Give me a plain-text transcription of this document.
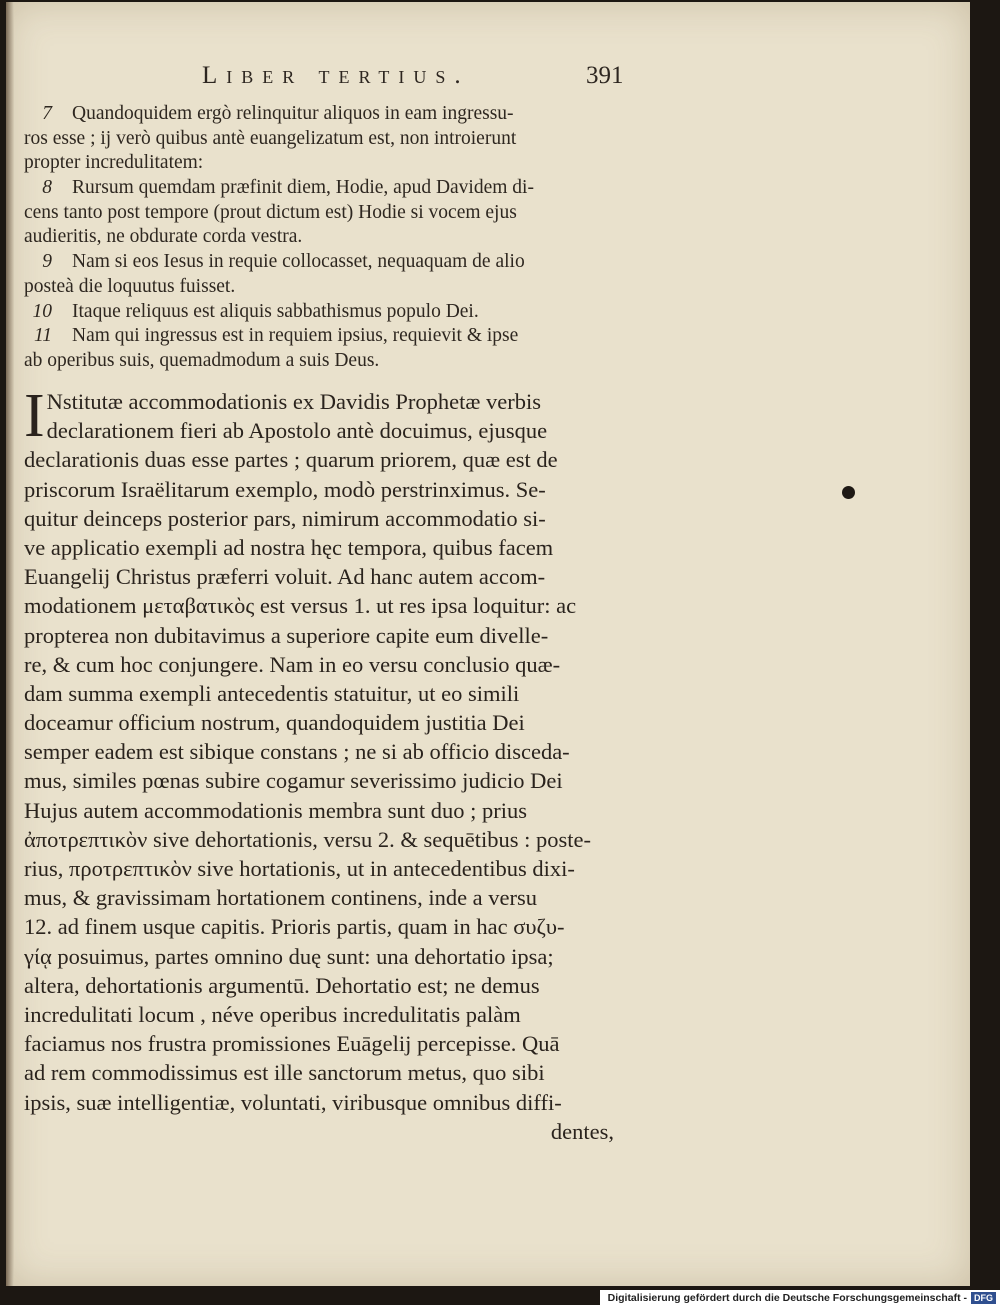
Liber tertius.	391
7 Quandoquidem ergò relinquitur aliquos in eam ingressu-
ros esse ; ij verò quibus antè euangelizatum est, non introierunt
propter incredulitatem:
8 Rursum quemdam præfinit diem, Hodie, apud Davidem di-
cens tanto post tempore (prout dictum est) Hodie si vocem ejus
audieritis, ne obdurate corda vestra.
9 Nam si eos Iesus in requie collocasset, nequaquam de alio
posteà die loquutus fuisset.
10 Itaque reliquus est aliquis sabbathismus populo Dei.
11 Nam qui ingressus est in requiem ipsius, requievit & ipse
ab operibus suis, quemadmodum a suis Deus.
I Nstitutæ accommodationis ex Davidis Prophetæ verbis
declarationem fieri ab Apostolo antè docuimus, ejusque
declarationis duas esse partes ; quarum priorem, quæ est de
priscorum Israëlitarum exemplo, modò perstrinximus. Se-
quitur deinceps posterior pars, nimirum accommodatio si-
ve applicatio exempli ad nostra hęc tempora, quibus facem
Euangelij Christus præferri voluit. Ad hanc autem accom-
modationem μεταβατικὸς est versus 1. ut res ipsa loquitur: ac
propterea non dubitavimus a superiore capite eum divelle-
re, & cum hoc conjungere. Nam in eo versu conclusio quæ-
dam summa exempli antecedentis statuitur, ut eo simili
doceamur officium nostrum, quandoquidem justitia Dei
semper eadem est sibique constans ; ne si ab officio disceda-
mus, similes pœnas subire cogamur severissimo judicio Dei
Hujus autem accommodationis membra sunt duo ; prius
ἀποτρεπτικὸν sive dehortationis, versu 2. & sequētibus : poste-
rius, προτρεπτικὸν sive hortationis, ut in antecedentibus dixi-
mus, & gravissimam hortationem continens, inde a versu
12. ad finem usque capitis. Prioris partis, quam in hac συζυ-
γίᾳ posuimus, partes omnino duę sunt: una dehortatio ipsa;
altera, dehortationis argumentū. Dehortatio est; ne demus
incredulitati locum , néve operibus incredulitatis palàm
faciamus nos frustra promissiones Euāgelij percepisse. Quā
ad rem commodissimus est ille sanctorum metus, quo sibi
ipsis, suæ intelligentiæ, voluntati, viribusque omnibus diffi-
dentes,
Digitalisierung gefördert durch die Deutsche Forschungsgemeinschaft - DFG
